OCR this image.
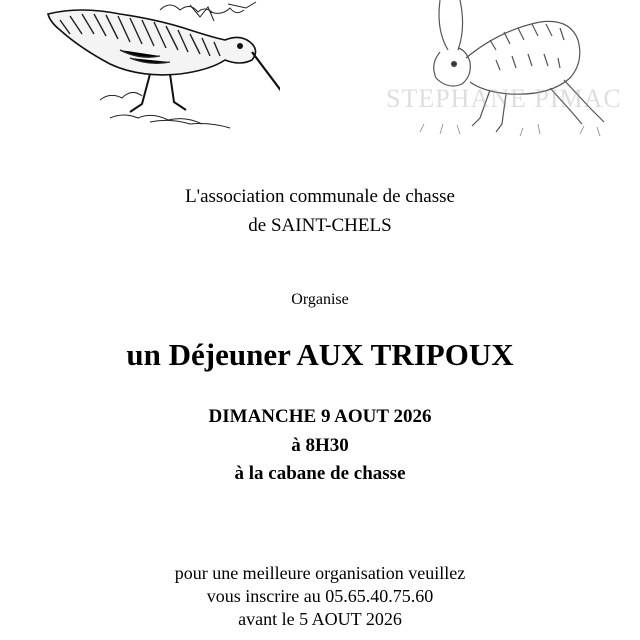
STEPHANE PIMAC
L'association communale de chasse
de SAINT-CHELS
Organise
un Déjeuner AUX TRIPOUX
DIMANCHE 9 AOUT 2026
à 8H30
à la cabane de chasse
pour une meilleure organisation veuillez
vous inscrire au 05.65.40.75.60
avant le 5 AOUT 2026
